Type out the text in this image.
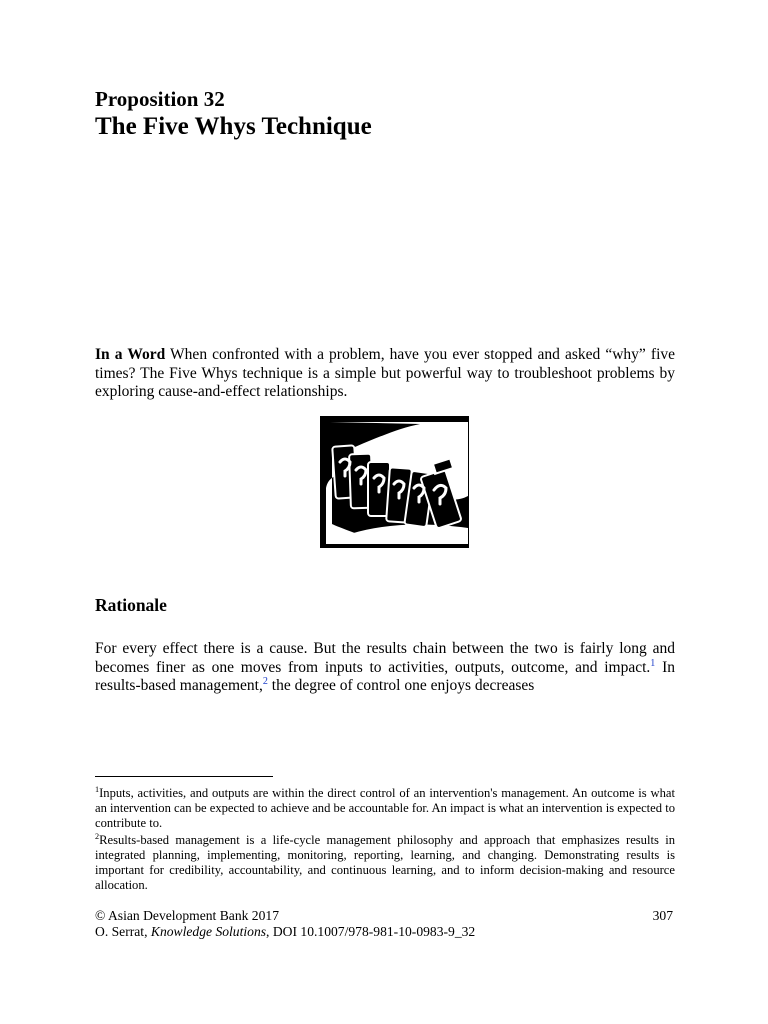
Proposition 32
The Five Whys Technique

In a Word When confronted with a problem, have you ever stopped and asked “why” five times? The Five Whys technique is a simple but powerful way to troubleshoot problems by exploring cause-and-effect relationships.

Rationale

For every effect there is a cause. But the results chain between the two is fairly long and becomes finer as one moves from inputs to activities, outputs, outcome, and impact.$^1$ In results-based management,$^2$ the degree of control one enjoys decreases

$^1$Inputs, activities, and outputs are within the direct control of an intervention's management. An outcome is what an intervention can be expected to achieve and be accountable for. An impact is what an intervention is expected to contribute to.

$^2$Results-based management is a life-cycle management philosophy and approach that emphasizes results in integrated planning, implementing, monitoring, reporting, learning, and changing. Demonstrating results is important for credibility, accountability, and continuous learning, and to inform decision-making and resource allocation.

© Asian Development Bank 2017	307
O. Serrat, Knowledge Solutions, DOI 10.1007/978-981-10-0983-9_32
